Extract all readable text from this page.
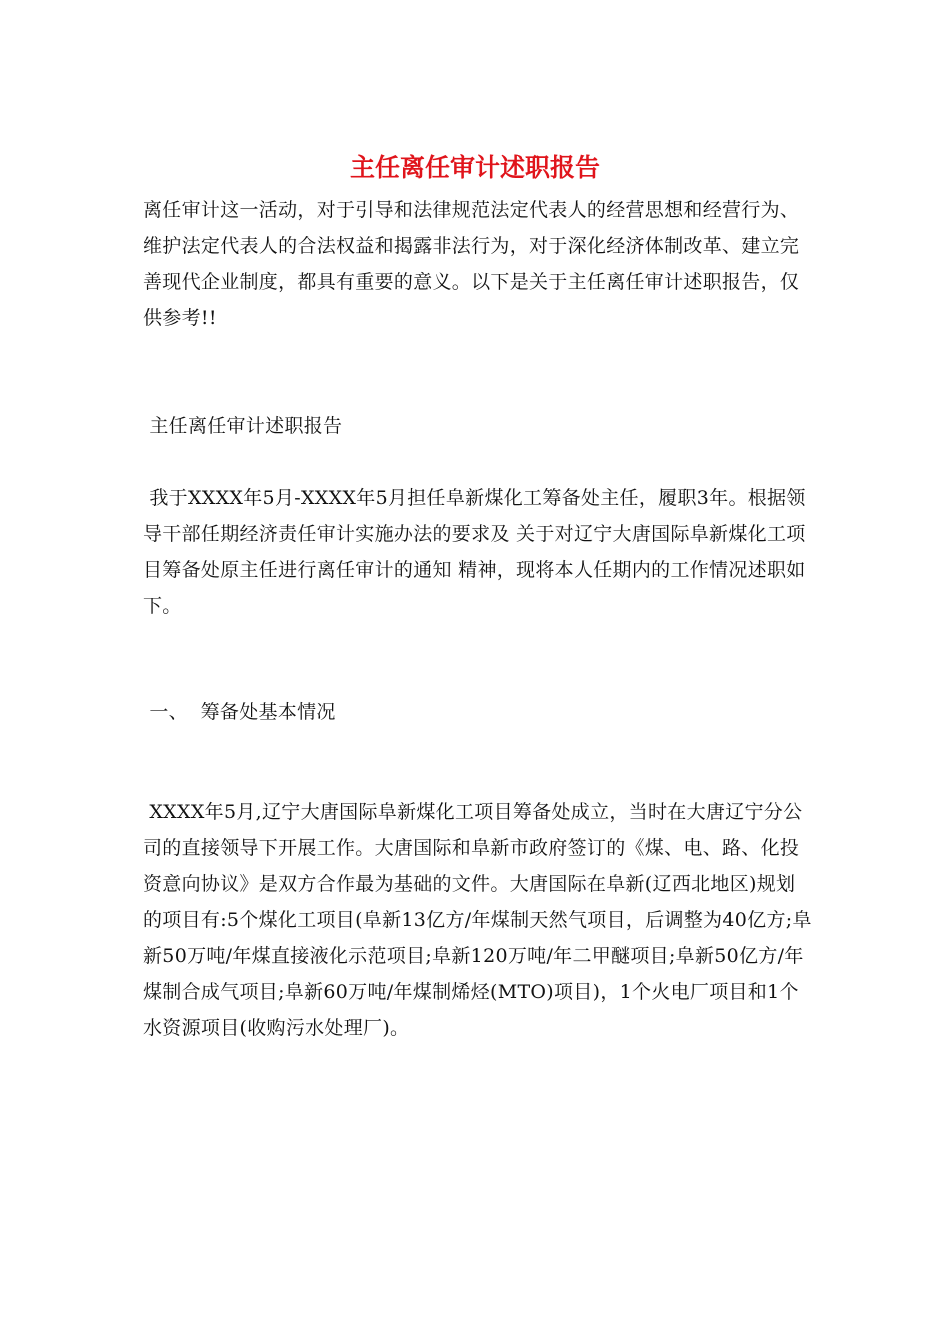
主任离任审计述职报告

离任审计这一活动，对于引导和法律规范法定代表人的经营思想和经营行为、维护法定代表人的合法权益和揭露非法行为，对于深化经济体制改革、建立完善现代企业制度，都具有重要的意义。以下是关于主任离任审计述职报告，仅供参考!!

主任离任审计述职报告

我于XXXX年5月-XXXX年5月担任阜新煤化工筹备处主任，履职3年。根据领导干部任期经济责任审计实施办法的要求及 关于对辽宁大唐国际阜新煤化工项目筹备处原主任进行离任审计的通知 精神，现将本人任期内的工作情况述职如下。

一、  筹备处基本情况

XXXX年5月,辽宁大唐国际阜新煤化工项目筹备处成立，当时在大唐辽宁分公司的直接领导下开展工作。大唐国际和阜新市政府签订的《煤、电、路、化投资意向协议》是双方合作最为基础的文件。大唐国际在阜新(辽西北地区)规划的项目有:5个煤化工项目(阜新13亿方/年煤制天然气项目，后调整为40亿方;阜新50万吨/年煤直接液化示范项目;阜新120万吨/年二甲醚项目;阜新50亿方/年煤制合成气项目;阜新60万吨/年煤制烯烃(MTO)项目)，1个火电厂项目和1个水资源项目(收购污水处理厂)。
